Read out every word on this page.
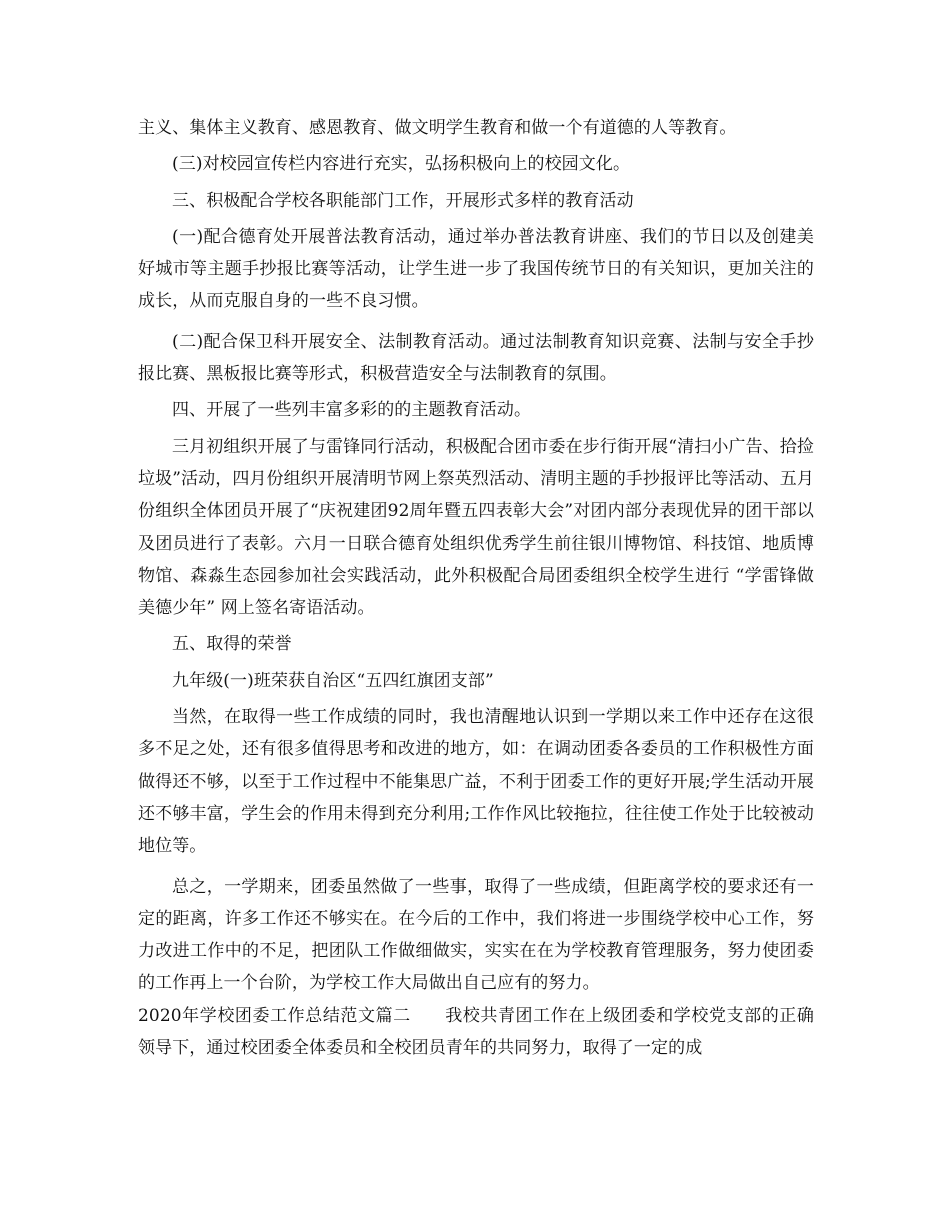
主义、集体主义教育、感恩教育、做文明学生教育和做一个有道德的人等教育。

(三)对校园宣传栏内容进行充实，弘扬积极向上的校园文化。

三、积极配合学校各职能部门工作，开展形式多样的教育活动

(一)配合德育处开展普法教育活动，通过举办普法教育讲座、我们的节日以及创建美好城市等主题手抄报比赛等活动，让学生进一步了我国传统节日的有关知识，更加关注的成长，从而克服自身的一些不良习惯。

(二)配合保卫科开展安全、法制教育活动。通过法制教育知识竞赛、法制与安全手抄报比赛、黑板报比赛等形式，积极营造安全与法制教育的氛围。

四、开展了一些列丰富多彩的的主题教育活动。

三月初组织开展了与雷锋同行活动，积极配合团市委在步行街开展“清扫小广告、拾捡垃圾”活动，四月份组织开展清明节网上祭英烈活动、清明主题的手抄报评比等活动、五月份组织全体团员开展了“庆祝建团92周年暨五四表彰大会”对团内部分表现优异的团干部以及团员进行了表彰。六月一日联合德育处组织优秀学生前往银川博物馆、科技馆、地质博物馆、森淼生态园参加社会实践活动，此外积极配合局团委组织全校学生进行 “学雷锋做美德少年” 网上签名寄语活动。

五、取得的荣誉

九年级(一)班荣获自治区“五四红旗团支部”

当然，在取得一些工作成绩的同时，我也清醒地认识到一学期以来工作中还存在这很多不足之处，还有很多值得思考和改进的地方，如：在调动团委各委员的工作积极性方面做得还不够，以至于工作过程中不能集思广益，不利于团委工作的更好开展;学生活动开展还不够丰富，学生会的作用未得到充分利用;工作作风比较拖拉，往往使工作处于比较被动地位等。

总之，一学期来，团委虽然做了一些事，取得了一些成绩，但距离学校的要求还有一定的距离，许多工作还不够实在。在今后的工作中，我们将进一步围绕学校中心工作，努力改进工作中的不足，把团队工作做细做实，实实在在为学校教育管理服务，努力使团委的工作再上一个台阶，为学校工作大局做出自己应有的努力。

2020年学校团委工作总结范文篇二 我校共青团工作在上级团委和学校党支部的正确领导下，通过校团委全体委员和全校团员青年的共同努力，取得了一定的成
